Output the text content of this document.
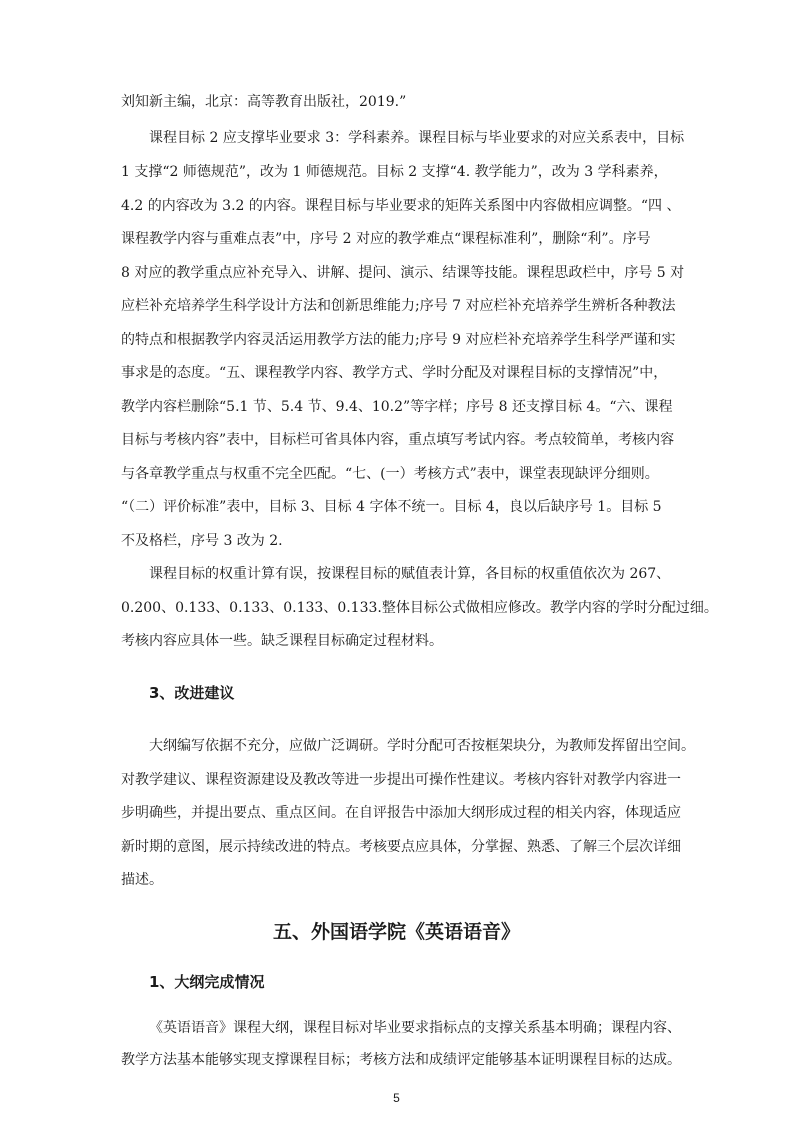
刘知新主编，北京：高等教育出版社，2019.”
课程目标 2 应支撑毕业要求 3：学科素养。课程目标与毕业要求的对应关系表中，目标
1 支撑“2 师德规范”，改为 1 师德规范。目标 2 支撑“4. 教学能力”，改为 3 学科素养，
4.2 的内容改为 3.2 的内容。课程目标与毕业要求的矩阵关系图中内容做相应调整。“四 、
课程教学内容与重难点表”中，序号 2 对应的教学难点“课程标准利”，删除“利”。序号
8 对应的教学重点应补充导入、讲解、提问、演示、结课等技能。课程思政栏中，序号 5 对
应栏补充培养学生科学设计方法和创新思维能力;序号 7 对应栏补充培养学生辨析各种教法
的特点和根据教学内容灵活运用教学方法的能力;序号 9 对应栏补充培养学生科学严谨和实
事求是的态度。“五、课程教学内容、教学方式、学时分配及对课程目标的支撑情况”中，
教学内容栏删除“5.1 节、5.4 节、9.4、10.2”等字样；序号 8 还支撑目标 4。“六、课程
目标与考核内容”表中，目标栏可省具体内容，重点填写考试内容。考点较简单，考核内容
与各章教学重点与权重不完全匹配。“七、(一）考核方式”表中，课堂表现缺评分细则。
“（二）评价标准”表中，目标 3、目标 4 字体不统一。目标 4，良以后缺序号 1。目标 5
不及格栏，序号 3 改为 2.
课程目标的权重计算有误，按课程目标的赋值表计算，各目标的权重值依次为 267、
0.200、0.133、0.133、0.133、0.133.整体目标公式做相应修改。教学内容的学时分配过细。
考核内容应具体一些。缺乏课程目标确定过程材料。
3、改进建议
大纲编写依据不充分，应做广泛调研。学时分配可否按框架块分，为教师发挥留出空间。
对教学建议、课程资源建设及教改等进一步提出可操作性建议。考核内容针对教学内容进一
步明确些，并提出要点、重点区间。在自评报告中添加大纲形成过程的相关内容，体现适应
新时期的意图，展示持续改进的特点。考核要点应具体，分掌握、熟悉、了解三个层次详细
描述。
五、外国语学院《英语语音》
1、大纲完成情况
《英语语音》课程大纲，课程目标对毕业要求指标点的支撑关系基本明确；课程内容、
教学方法基本能够实现支撑课程目标；考核方法和成绩评定能够基本证明课程目标的达成。
5
